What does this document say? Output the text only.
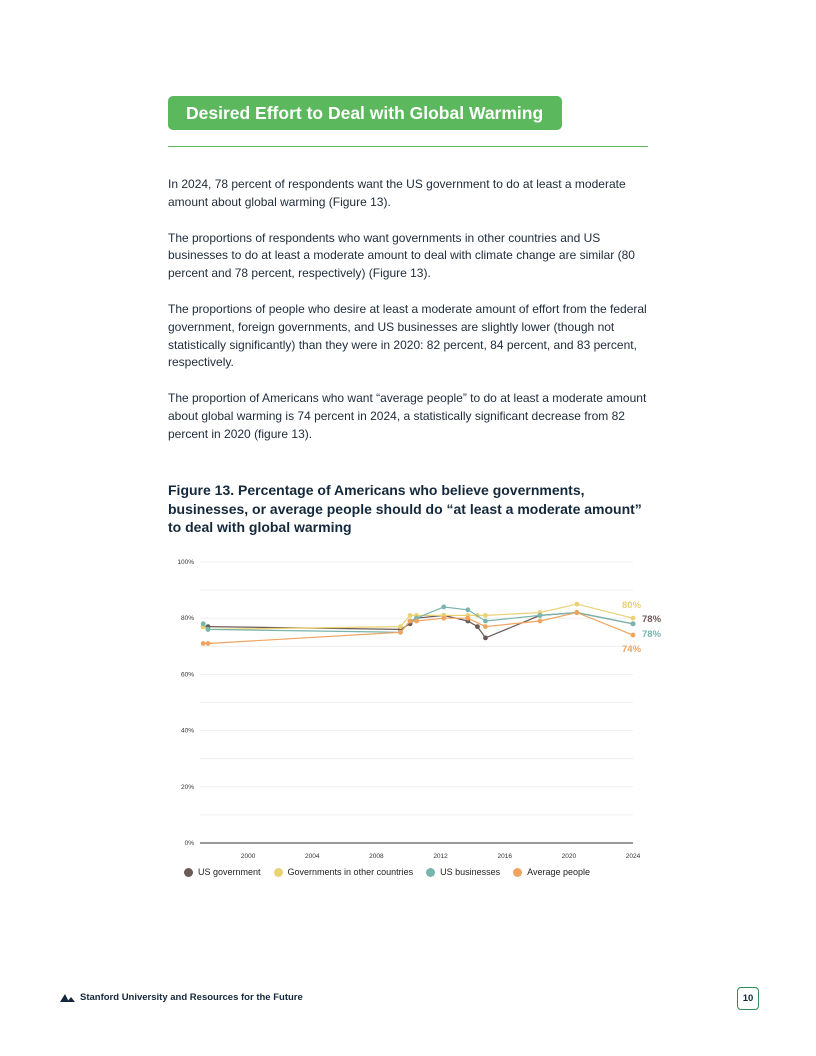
Desired Effort to Deal with Global Warming

In 2024, 78 percent of respondents want the US government to do at least a moderate amount about global warming (Figure 13).

The proportions of respondents who want governments in other countries and US businesses to do at least a moderate amount to deal with climate change are similar (80 percent and 78 percent, respectively) (Figure 13).

The proportions of people who desire at least a moderate amount of effort from the federal government, foreign governments, and US businesses are slightly lower (though not statistically significantly) than they were in 2020: 82 percent, 84 percent, and 83 percent, respectively.

The proportion of Americans who want “average people” to do at least a moderate amount about global warming is 74 percent in 2024, a statistically significant decrease from 82 percent in 2020 (figure 13).

Figure 13. Percentage of Americans who believe governments, businesses, or average people should do “at least a moderate amount” to deal with global warming
0%
20%
40%
60%
80%
100%
2000	2004	2008	2012	2016	2020	2024
78%
80%
78%
74%
US government	Governments in other countries	US businesses	Average people
Stanford University and Resources for the Future	10
